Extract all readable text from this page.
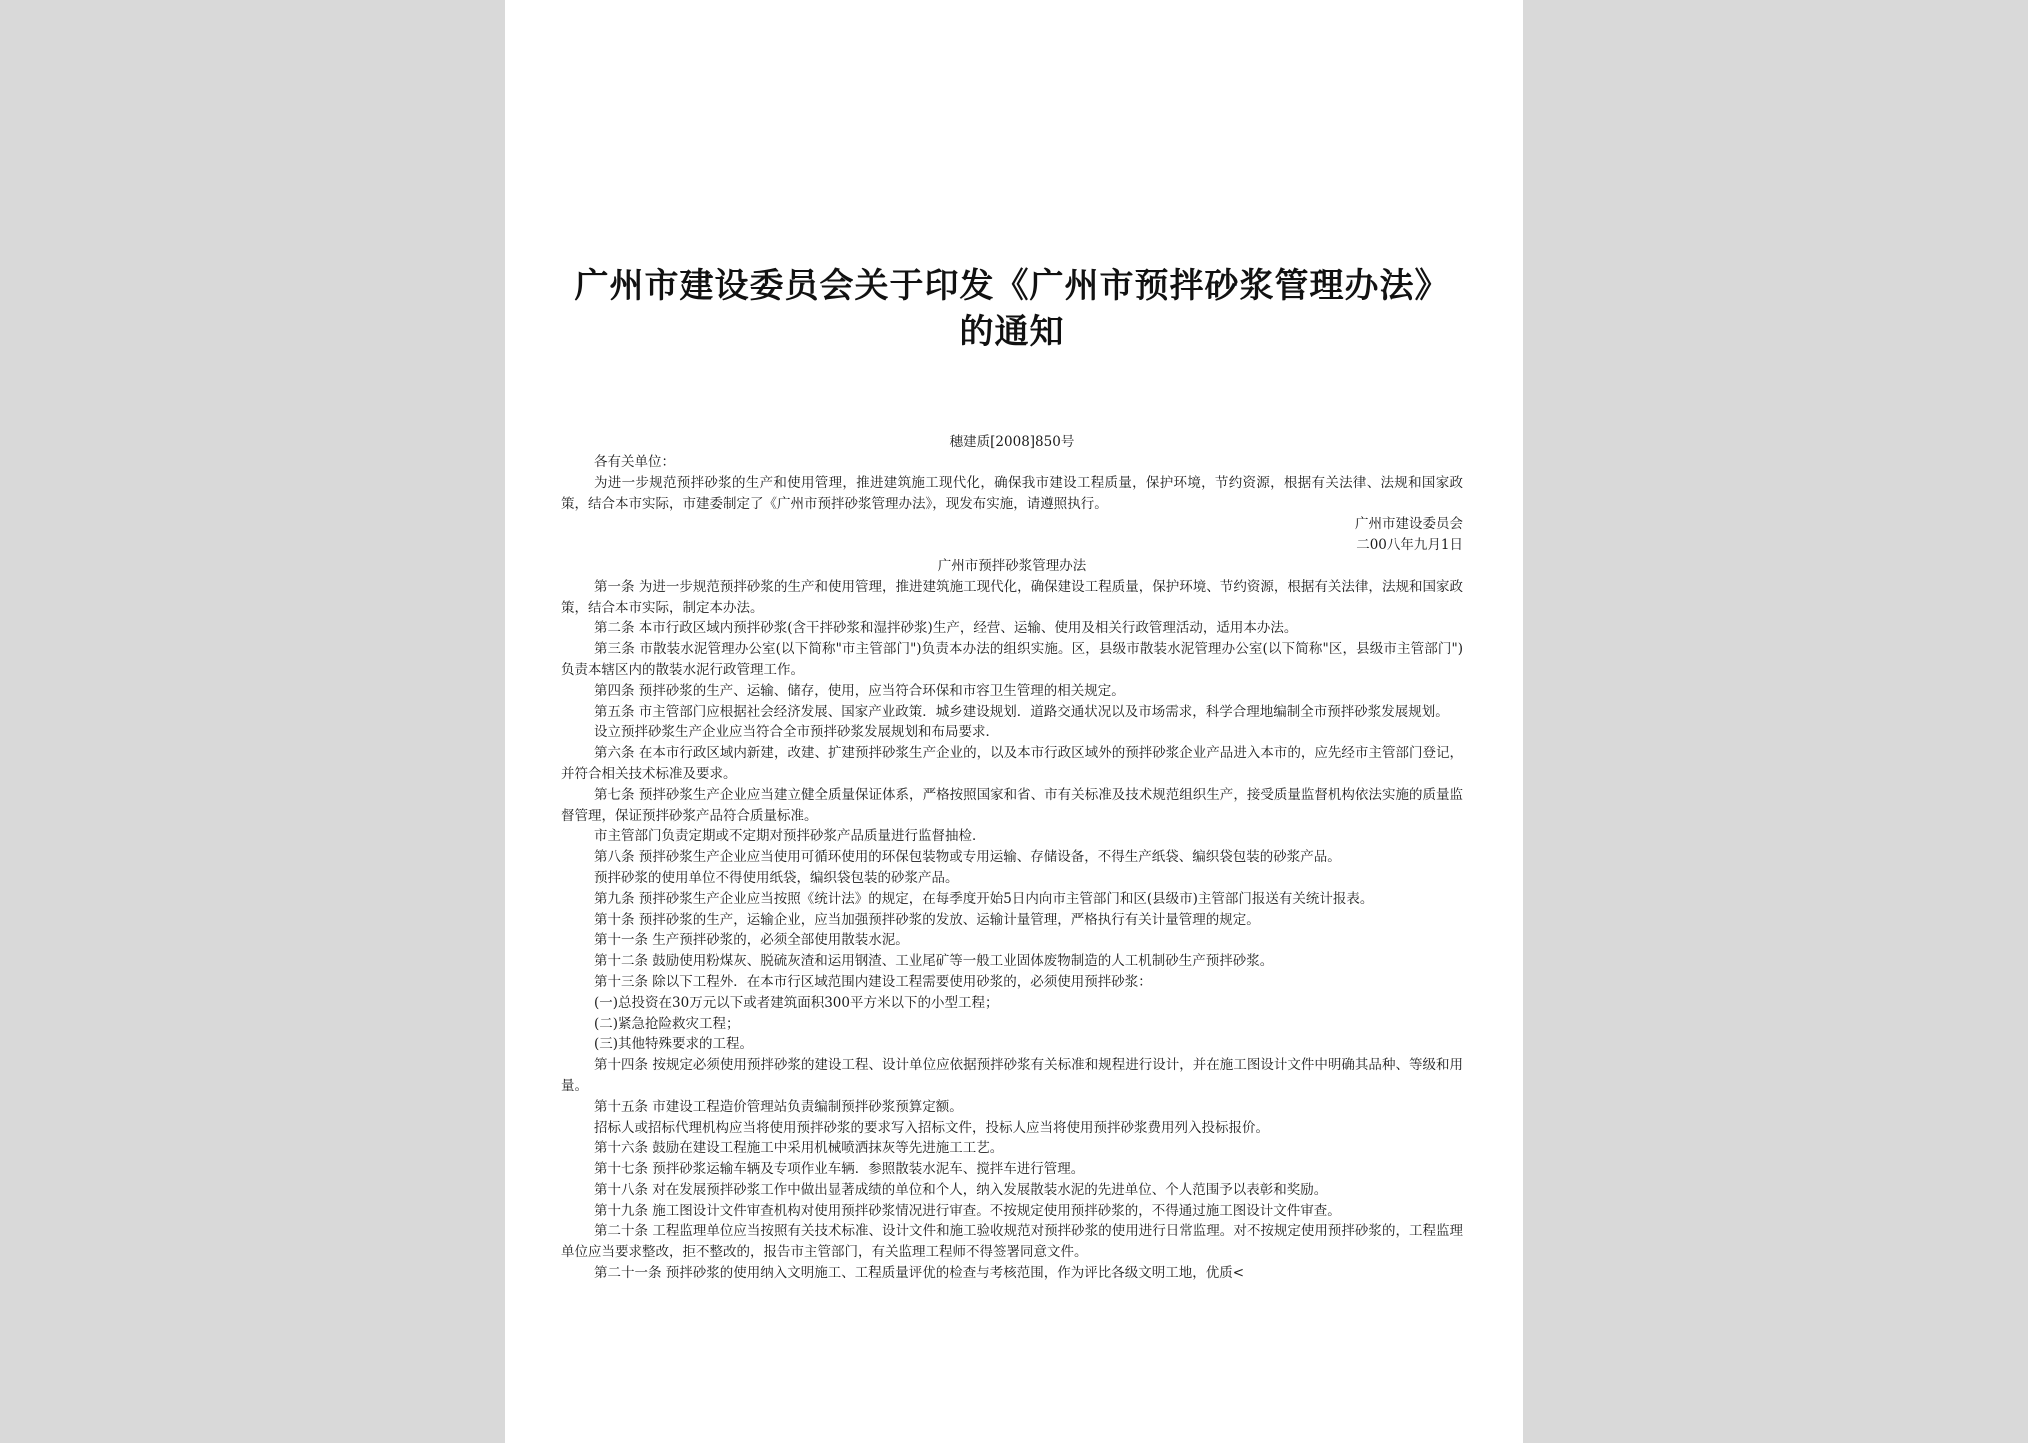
广州市建设委员会关于印发《广州市预拌砂浆管理办法》的通知
穗建质[2008]850号

各有关单位：

为进一步规范预拌砂浆的生产和使用管理，推进建筑施工现代化，确保我市建设工程质量，保护环境，节约资源，根据有关法律、法规和国家政策，结合本市实际，市建委制定了《广州市预拌砂浆管理办法》，现发布实施，请遵照执行。

广州市建设委员会

二00八年九月1日

广州市预拌砂浆管理办法

第一条 为进一步规范预拌砂浆的生产和使用管理，推进建筑施工现代化，确保建设工程质量，保护环境、节约资源，根据有关法律，法规和国家政策，结合本市实际，制定本办法。

第二条 本市行政区域内预拌砂浆(含干拌砂浆和湿拌砂浆)生产，经营、运输、使用及相关行政管理活动，适用本办法。

第三条 市散装水泥管理办公室(以下简称"市主管部门")负责本办法的组织实施。区，县级市散装水泥管理办公室(以下简称"区，县级市主管部门")负责本辖区内的散装水泥行政管理工作。

第四条 预拌砂浆的生产、运输、储存，使用，应当符合环保和市容卫生管理的相关规定。

第五条 市主管部门应根据社会经济发展、国家产业政策．城乡建设规划．道路交通状况以及市场需求，科学合理地编制全市预拌砂浆发展规划。

设立预拌砂浆生产企业应当符合全市预拌砂浆发展规划和布局要求．

第六条 在本市行政区域内新建，改建、扩建预拌砂浆生产企业的，以及本市行政区域外的预拌砂浆企业产品进入本市的，应先经市主管部门登记，并符合相关技术标准及要求。

第七条 预拌砂浆生产企业应当建立健全质量保证体系，严格按照国家和省、市有关标准及技术规范组织生产，接受质量监督机构依法实施的质量监督管理，保证预拌砂浆产品符合质量标准。

市主管部门负责定期或不定期对预拌砂浆产品质量进行监督抽检．

第八条 预拌砂浆生产企业应当使用可循环使用的环保包装物或专用运输、存储设备，不得生产纸袋、编织袋包装的砂浆产品。

预拌砂浆的使用单位不得使用纸袋，编织袋包装的砂浆产品。

第九条 预拌砂浆生产企业应当按照《统计法》的规定，在每季度开始5日内向市主管部门和区(县级市)主管部门报送有关统计报表。

第十条 预拌砂浆的生产，运输企业，应当加强预拌砂浆的发放、运输计量管理，严格执行有关计量管理的规定。

第十一条 生产预拌砂浆的，必须全部使用散装水泥。

第十二条 鼓励使用粉煤灰、脱硫灰渣和运用钢渣、工业尾矿等一般工业固体废物制造的人工机制砂生产预拌砂浆。

第十三条 除以下工程外．在本市行区域范围内建设工程需要使用砂浆的，必须使用预拌砂浆：

(一)总投资在30万元以下或者建筑面积300平方米以下的小型工程；

(二)紧急抢险救灾工程；

(三)其他特殊要求的工程。

第十四条 按规定必须使用预拌砂浆的建设工程、设计单位应依据预拌砂浆有关标准和规程进行设计，并在施工图设计文件中明确其品种、等级和用量。

第十五条 市建设工程造价管理站负责编制预拌砂浆预算定额。

招标人或招标代理机构应当将使用预拌砂浆的要求写入招标文件，投标人应当将使用预拌砂浆费用列入投标报价。

第十六条 鼓励在建设工程施工中采用机械喷洒抹灰等先进施工工艺。

第十七条 预拌砂浆运输车辆及专项作业车辆．参照散装水泥车、搅拌车进行管理。

第十八条 对在发展预拌砂浆工作中做出显著成绩的单位和个人，纳入发展散装水泥的先进单位、个人范围予以表彰和奖励。

第十九条 施工图设计文件审查机构对使用预拌砂浆情况进行审查。不按规定使用预拌砂浆的，不得通过施工图设计文件审查。

第二十条 工程监理单位应当按照有关技术标准、设计文件和施工验收规范对预拌砂浆的使用进行日常监理。对不按规定使用预拌砂浆的，工程监理单位应当要求整改，拒不整改的，报告市主管部门，有关监理工程师不得签署同意文件。

第二十一条 预拌砂浆的使用纳入文明施工、工程质量评优的检查与考核范围，作为评比各级文明工地，优质<
